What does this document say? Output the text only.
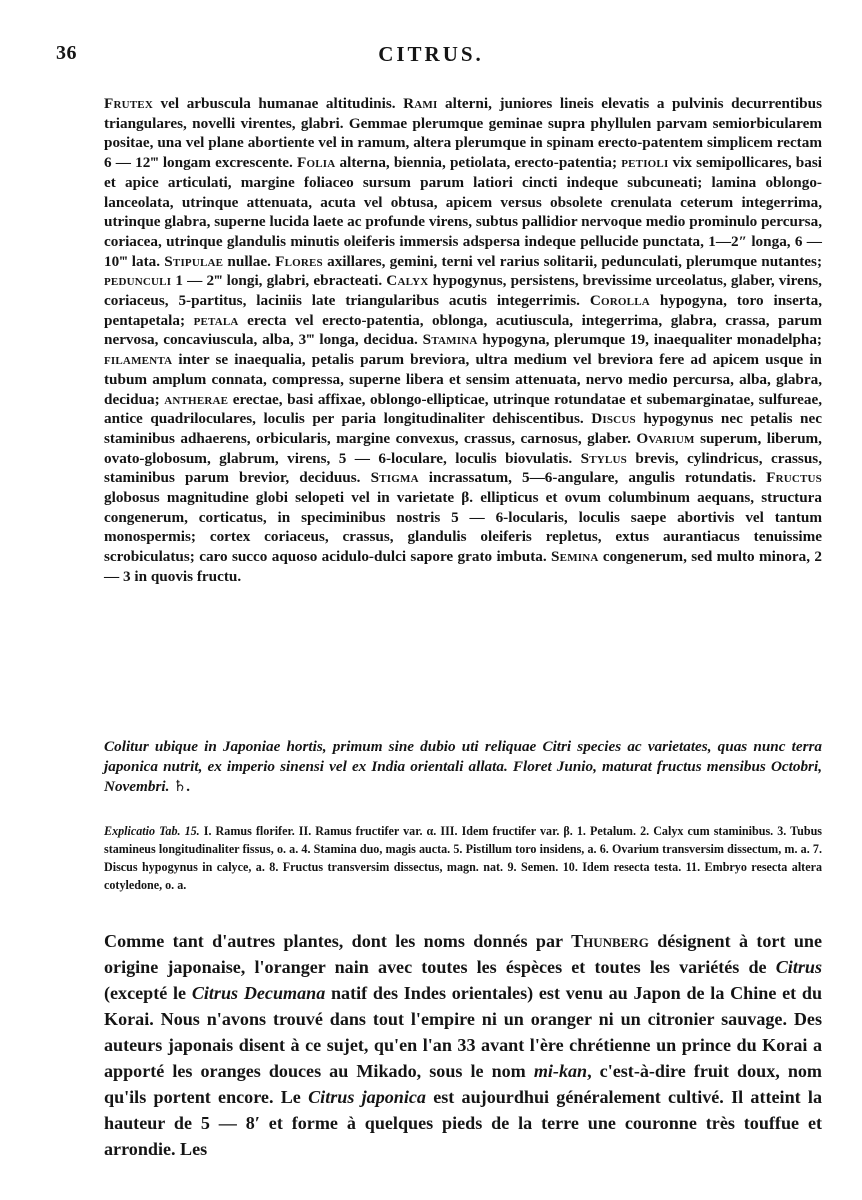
36	CITRUS.

Frutex vel arbuscula humanae altitudinis. Rami alterni, juniores lineis elevatis a pulvinis decurrentibus triangulares, novelli virentes, glabri. Gemmae plerumque geminae supra phyllulen parvam semiorbicularem positae, una vel plane abortiente vel in ramum, altera plerumque in spinam erecto-patentem simplicem rectam 6 — 12‴ longam excrescente. Folia alterna, biennia, petiolata, erecto-patentia; petioli vix semipollicares, basi et apice articulati, margine foliaceo sursum parum latiori cincti indeque subcuneati; lamina oblongo-lanceolata, utrinque attenuata, acuta vel obtusa, apicem versus obsolete crenulata ceterum integerrima, utrinque glabra, superne lucida laete ac profunde virens, subtus pallidior nervoque medio prominulo percursa, coriacea, utrinque glandulis minutis oleiferis immersis adspersa indeque pellucide punctata, 1—2″ longa, 6 — 10‴ lata. Stipulae nullae. Flores axillares, gemini, terni vel rarius solitarii, pedunculati, plerumque nutantes; pedunculi 1 — 2‴ longi, glabri, ebracteati. Calyx hypogynus, persistens, brevissime urceolatus, glaber, virens, coriaceus, 5-partitus, laciniis late triangularibus acutis integerrimis. Corolla hypogyna, toro inserta, pentapetala; petala erecta vel erecto-patentia, oblonga, acutiuscula, integerrima, glabra, crassa, parum nervosa, concaviuscula, alba, 3‴ longa, decidua. Stamina hypogyna, plerumque 19, inaequaliter monadelpha; filamenta inter se inaequalia, petalis parum breviora, ultra medium vel breviora fere ad apicem usque in tubum amplum connata, compressa, superne libera et sensim attenuata, nervo medio percursa, alba, glabra, decidua; antherae erectae, basi affixae, oblongo-ellipticae, utrinque rotundatae et subemarginatae, sulfureae, antice quadriloculares, loculis per paria longitudinaliter dehiscentibus. Discus hypogynus nec petalis nec staminibus adhaerens, orbicularis, margine convexus, crassus, carnosus, glaber. Ovarium superum, liberum, ovato-globosum, glabrum, virens, 5 — 6-loculare, loculis biovulatis. Stylus brevis, cylindricus, crassus, staminibus parum brevior, deciduus. Stigma incrassatum, 5—6-angulare, angulis rotundatis. Fructus globosus magnitudine globi selopeti vel in varietate β. ellipticus et ovum columbinum aequans, structura congenerum, corticatus, in speciminibus nostris 5 — 6-locularis, loculis saepe abortivis vel tantum monospermis; cortex coriaceus, crassus, glandulis oleiferis repletus, extus aurantiacus tenuissime scrobiculatus; caro succo aquoso acidulo-dulci sapore grato imbuta. Semina congenerum, sed multo minora, 2 — 3 in quovis fructu.

Colitur ubique in Japoniae hortis, primum sine dubio uti reliquae Citri species ac varietates, quas nunc terra japonica nutrit, ex imperio sinensi vel ex India orientali allata. Floret Junio, maturat fructus mensibus Octobri, Novembri. ♄.

Explicatio Tab. 15. I. Ramus florifer. II. Ramus fructifer var. α. III. Idem fructifer var. β. 1. Petalum. 2. Calyx cum staminibus. 3. Tubus stamineus longitudinaliter fissus, o. a. 4. Stamina duo, magis aucta. 5. Pistillum toro insidens, a. 6. Ovarium transversim dissectum, m. a. 7. Discus hypogynus in calyce, a. 8. Fructus transversim dissectus, magn. nat. 9. Semen. 10. Idem resecta testa. 11. Embryo resecta altera cotyledone, o. a.

Comme tant d'autres plantes, dont les noms donnés par Thunberg désignent à tort une origine japonaise, l'oranger nain avec toutes les éspèces et toutes les variétés de Citrus (excepté le Citrus Decumana natif des Indes orientales) est venu au Japon de la Chine et du Korai. Nous n'avons trouvé dans tout l'empire ni un oranger ni un citronier sauvage. Des auteurs japonais disent à ce sujet, qu'en l'an 33 avant l'ère chrétienne un prince du Korai a apporté les oranges douces au Mikado, sous le nom mi-kan, c'est-à-dire fruit doux, nom qu'ils portent encore. Le Citrus japonica est aujourdhui généralement cultivé. Il atteint la hauteur de 5 — 8′ et forme à quelques pieds de la terre une couronne très touffue et arrondie. Les
